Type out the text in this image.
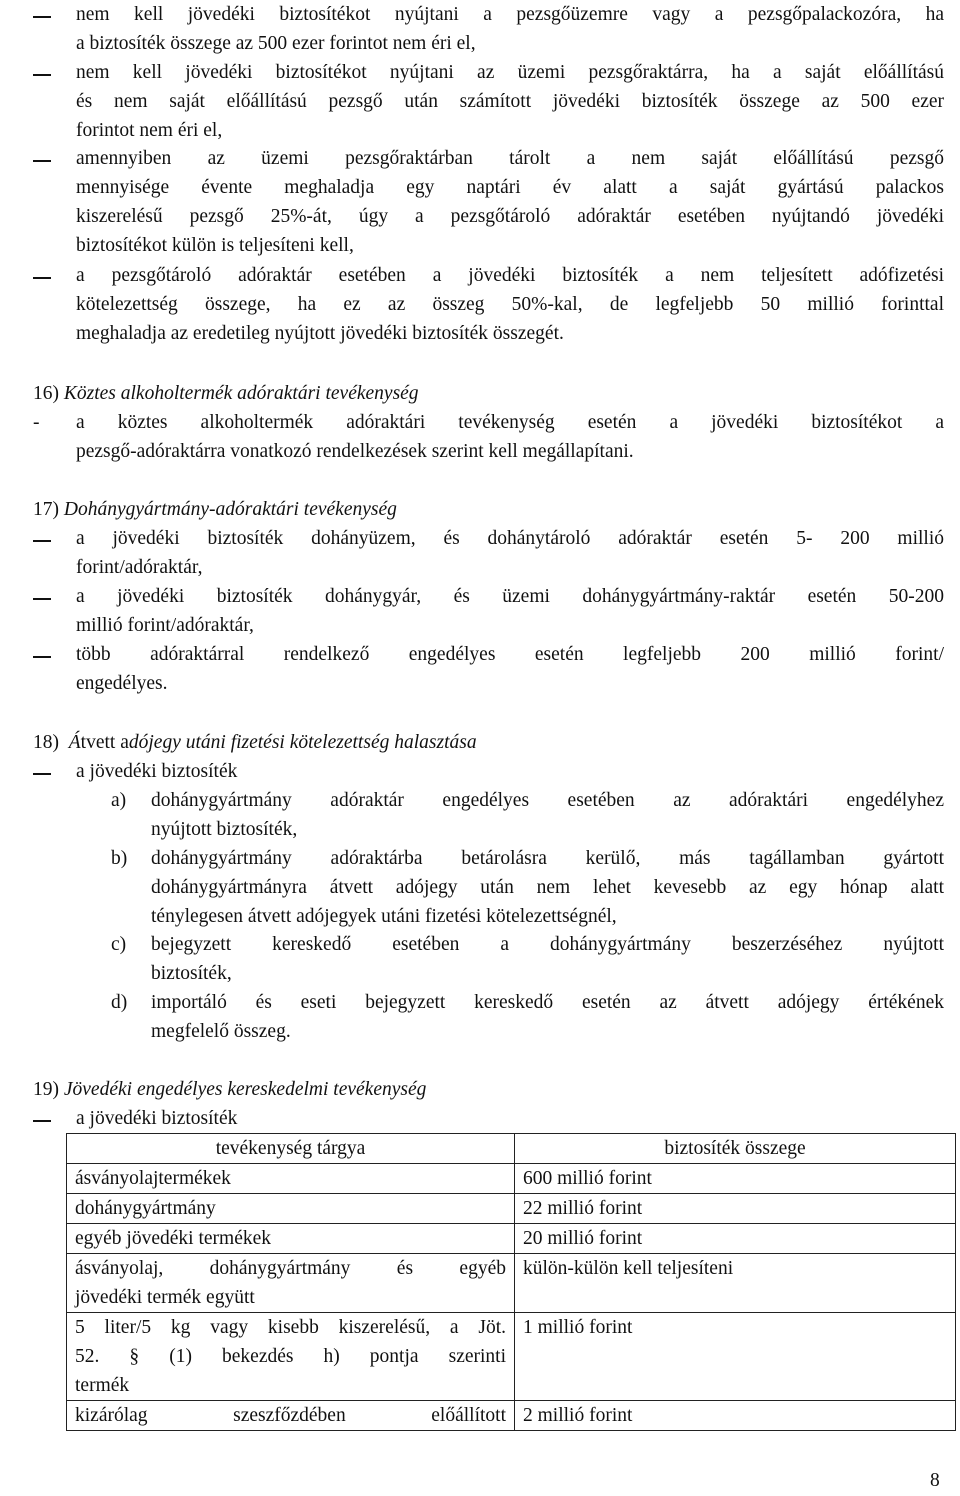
nem kell jövedéki biztosítékot nyújtani a pezsgőüzemre vagy a pezsgőpalackozóra, ha
a biztosíték összege az 500 ezer forintot nem éri el,
nem kell jövedéki biztosítékot nyújtani az üzemi pezsgőraktárra, ha a saját előállítású
és nem saját előállítású pezsgő után számított jövedéki biztosíték összege az 500 ezer
forintot nem éri el,
amennyiben az üzemi pezsgőraktárban tárolt a nem saját előállítású pezsgő
mennyisége évente meghaladja egy naptári év alatt a saját gyártású palackos
kiszerelésű pezsgő 25%-át, úgy a pezsgőtároló adóraktár esetében nyújtandó jövedéki
biztosítékot külön is teljesíteni kell,
a pezsgőtároló adóraktár esetében a jövedéki biztosíték a nem teljesített adófizetési
kötelezettség összege, ha ez az összeg 50%-kal, de legfeljebb 50 millió forinttal
meghaladja az eredetileg nyújtott jövedéki biztosíték összegét.
16) Köztes alkoholtermék adóraktári tevékenység
- a köztes alkoholtermék adóraktári tevékenység esetén a jövedéki biztosítékot a
pezsgő-adóraktárra vonatkozó rendelkezések szerint kell megállapítani.
17) Dohánygyártmány-adóraktári tevékenység
a jövedéki biztosíték dohányüzem, és dohánytároló adóraktár esetén 5- 200 millió
forint/adóraktár,
a jövedéki biztosíték dohánygyár, és üzemi dohánygyártmány-raktár esetén 50-200
millió forint/adóraktár,
több adóraktárral rendelkező engedélyes esetén legfeljebb 200 millió forint/
engedélyes.
18) Átvett adójegy utáni fizetési kötelezettség halasztása
a jövedéki biztosíték
a) dohánygyártmány adóraktár engedélyes esetében az adóraktári engedélyhez
nyújtott biztosíték,
b) dohánygyártmány adóraktárba betárolásra kerülő, más tagállamban gyártott
dohánygyártmányra átvett adójegy után nem lehet kevesebb az egy hónap alatt
ténylegesen átvett adójegyek utáni fizetési kötelezettségnél,
c) bejegyzett kereskedő esetében a dohánygyártmány beszerzéséhez nyújtott
biztosíték,
d) importáló és eseti bejegyzett kereskedő esetén az átvett adójegy értékének
megfelelő összeg.
19) Jövedéki engedélyes kereskedelmi tevékenység
a jövedéki biztosíték
tevékenység tárgya	biztosíték összege

ásványolajtermékek	600 millió forint

dohánygyártmány	22 millió forint

egyéb jövedéki termékek	20 millió forint

ásványolaj, dohánygyártmány és egyéb
jövedéki termék együtt	külön-külön kell teljesíteni

5 liter/5 kg vagy kisebb kiszerelésű, a Jöt.
52. § (1) bekezdés h) pontja szerinti
termék	1 millió forint

kizárólag szeszfőzdében előállított	2 millió forint
8
